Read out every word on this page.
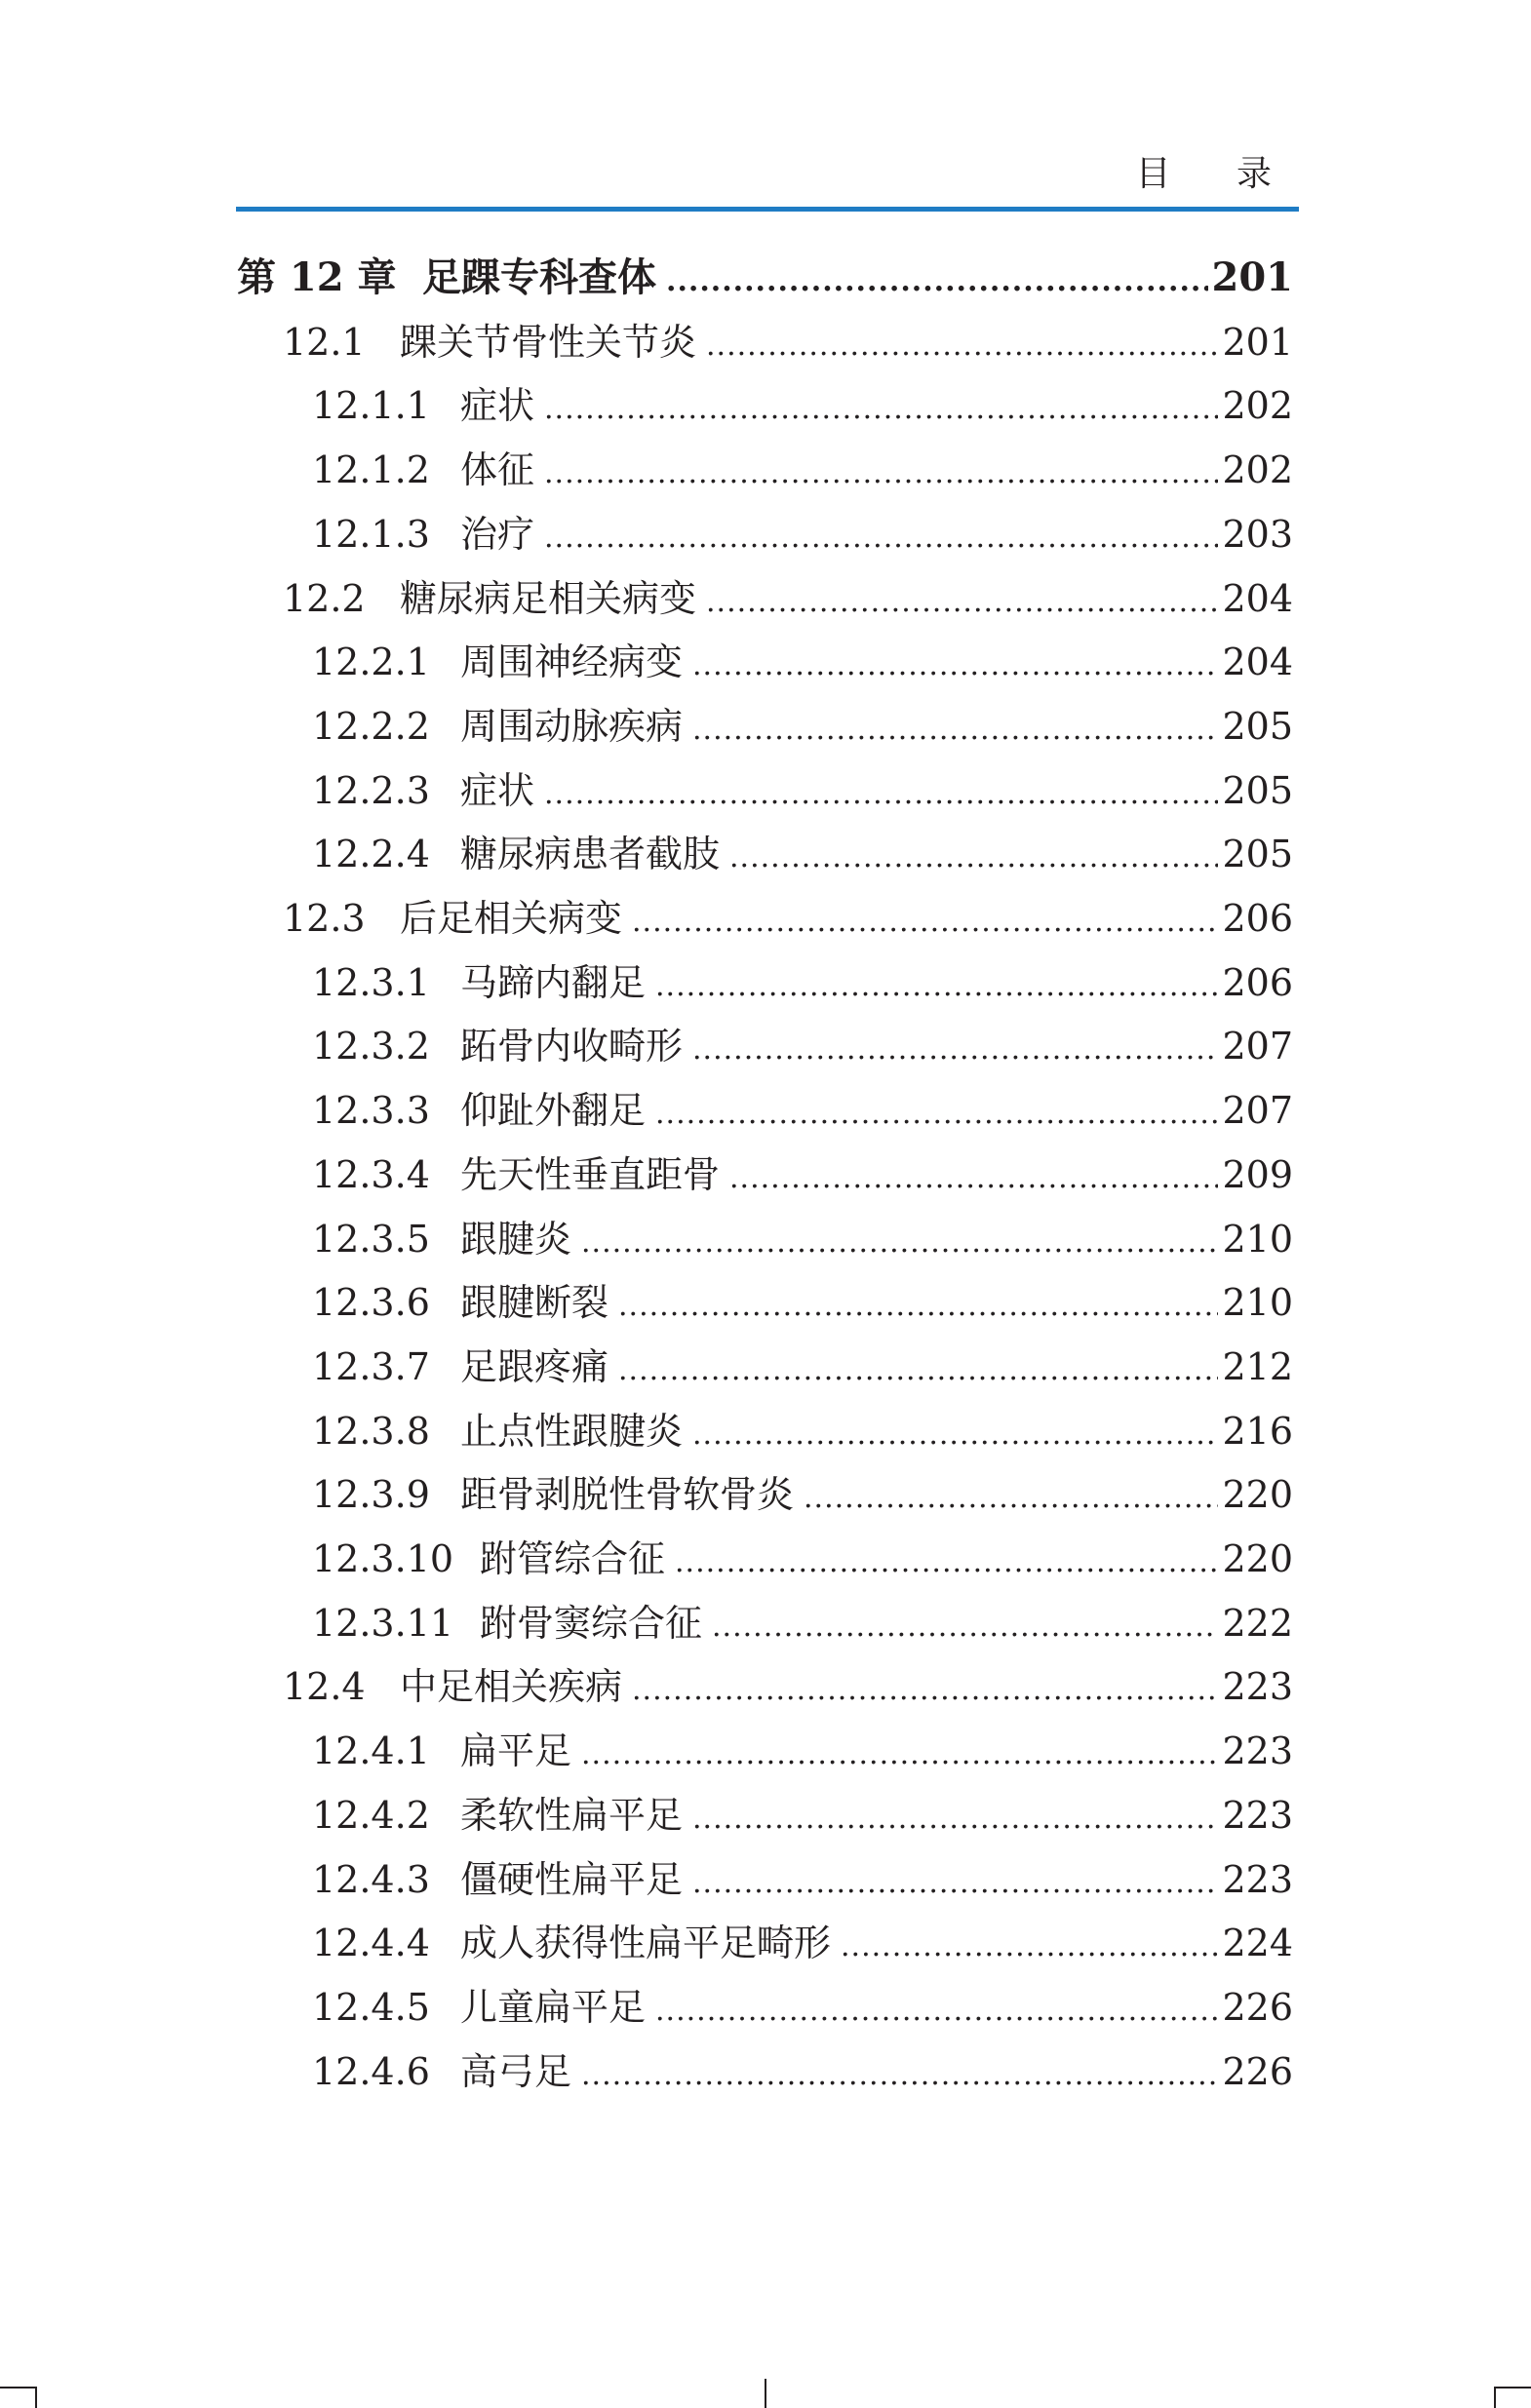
目 录
第 12 章 足踝专科查体 .....	201
12.1 踝关节骨性关节炎 .....	201
12.1.1 症状 .....	202
12.1.2 体征 .....	202
12.1.3 治疗 .....	203
12.2 糖尿病足相关病变 .....	204
12.2.1 周围神经病变 .....	204
12.2.2 周围动脉疾病 .....	205
12.2.3 症状 .....	205
12.2.4 糖尿病患者截肢 .....	205
12.3 后足相关病变 .....	206
12.3.1 马蹄内翻足 .....	206
12.3.2 跖骨内收畸形 .....	207
12.3.3 仰趾外翻足 .....	207
12.3.4 先天性垂直距骨 .....	209
12.3.5 跟腱炎 .....	210
12.3.6 跟腱断裂 .....	210
12.3.7 足跟疼痛 .....	212
12.3.8 止点性跟腱炎 .....	216
12.3.9 距骨剥脱性骨软骨炎 .....	220
12.3.10 跗管综合征 .....	220
12.3.11 跗骨窦综合征 .....	222
12.4 中足相关疾病 .....	223
12.4.1 扁平足 .....	223
12.4.2 柔软性扁平足 .....	223
12.4.3 僵硬性扁平足 .....	223
12.4.4 成人获得性扁平足畸形 .....	224
12.4.5 儿童扁平足 .....	226
12.4.6 高弓足 .....	226
